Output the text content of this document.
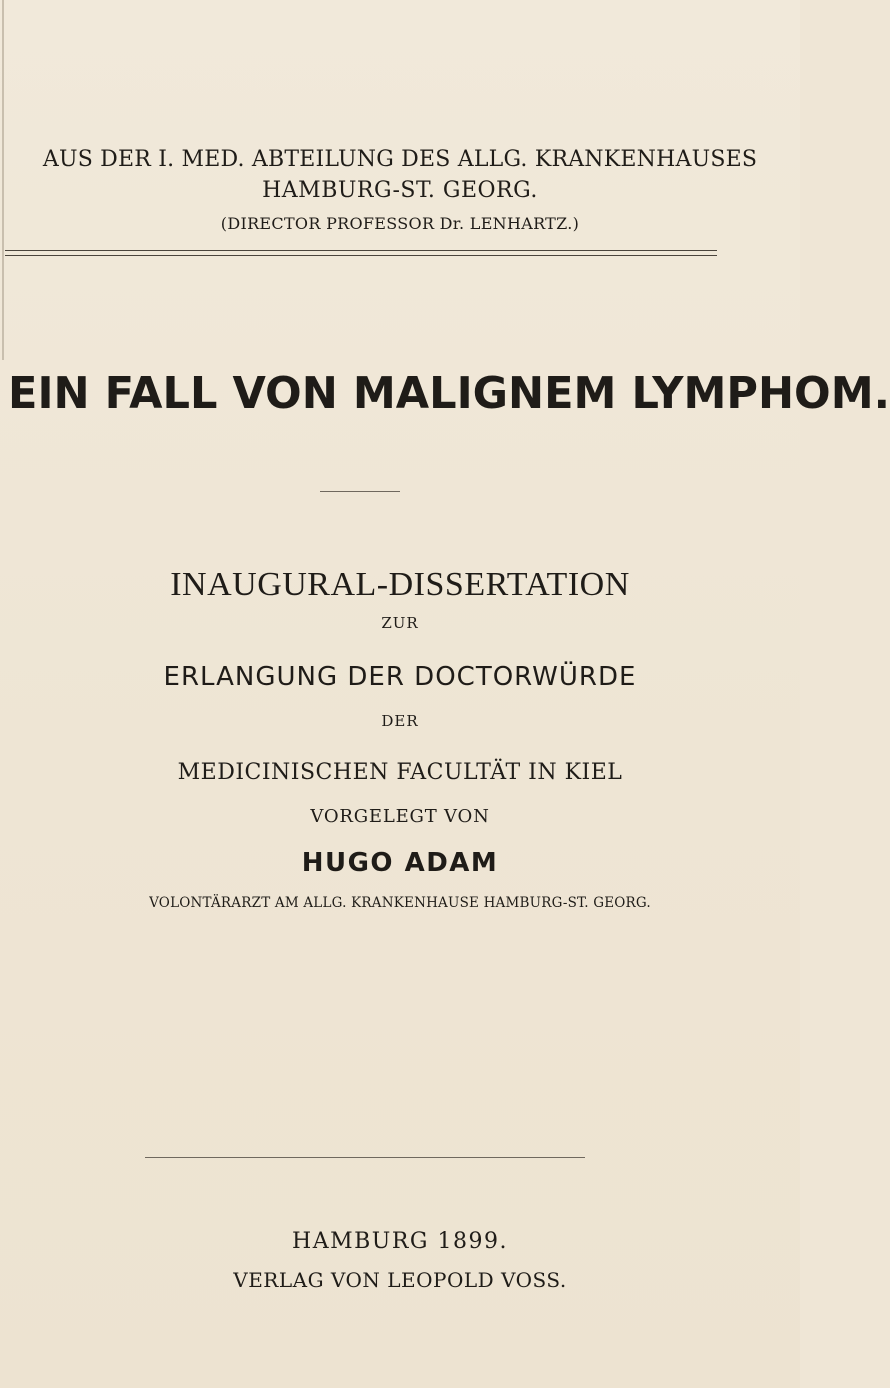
AUS DER I. MED. ABTEILUNG DES ALLG. KRANKENHAUSES
HAMBURG-ST. GEORG.
(DIRECTOR PROFESSOR Dr. LENHARTZ.)
EIN FALL VON MALIGNEM LYMPHOM.
INAUGURAL-DISSERTATION
ZUR
ERLANGUNG DER DOCTORWÜRDE
DER
MEDICINISCHEN FACULTÄT IN KIEL
VORGELEGT VON
HUGO ADAM
VOLONTÄRARZT AM ALLG. KRANKENHAUSE HAMBURG-ST. GEORG.
HAMBURG 1899.
VERLAG VON LEOPOLD VOSS.
